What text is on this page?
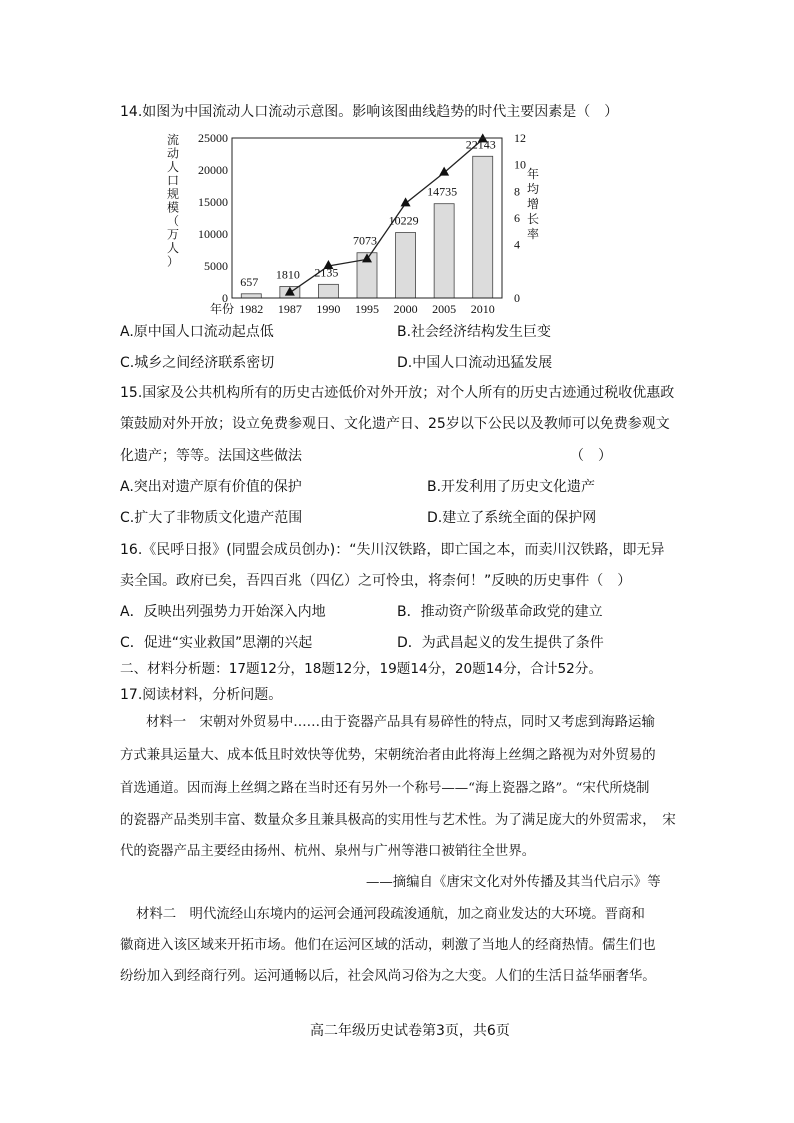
14.如图为中国流动人口流动示意图。影响该图曲线趋势的时代主要因素是（　）
流
动
人
口
规
模
（
万
人
）
0
5000
10000
15000
20000
25000
0
4
6
8
10
12
年
均
增
长
率
657
1810 2135
7073
10229
14735
22143
1982 1987 1990 1995 2000 2005 2010
年份
A.原中国人口流动起点低	B.社会经济结构发生巨变
C.城乡之间经济联系密切	D.中国人口流动迅猛发展
15.国家及公共机构所有的历史古迹低价对外开放；对个人所有的历史古迹通过税收优惠政
策鼓励对外开放；设立免费参观日、文化遗产日、25岁以下公民以及教师可以免费参观文
化遗产；等等。法国这些做法	（　）
A.突出对遗产原有价值的保护	B.开发利用了历史文化遗产
C.扩大了非物质文化遗产范围	D.建立了系统全面的保护网
16.《民呼日报》(同盟会成员创办)：“失川汉铁路，即亡国之本，而卖川汉铁路，即无异
卖全国。政府已矣，吾四百兆（四亿）之可怜虫，将柰何！”反映的历史事件（　）
A．反映出列强势力开始深入内地	B．推动资产阶级革命政党的建立
C．促进“实业救国”思潮的兴起	D．为武昌起义的发生提供了条件
二、材料分析题：17题12分，18题12分，19题14分，20题14分，合计52分。
17.阅读材料，分析问题。
材料一　宋朝对外贸易中……由于瓷器产品具有易碎性的特点，同时又考虑到海路运输
方式兼具运量大、成本低且时效快等优势，宋朝统治者由此将海上丝绸之路视为对外贸易的
首选通道。因而海上丝绸之路在当时还有另外一个称号——“海上瓷器之路”。“宋代所烧制
的瓷器产品类别丰富、数量众多且兼具极高的实用性与艺术性。为了满足庞大的外贸需求，　宋
代的瓷器产品主要经由扬州、杭州、泉州与广州等港口被销往全世界。
——摘编自《唐宋文化对外传播及其当代启示》等
材料二　明代流经山东境内的运河会通河段疏浚通航，加之商业发达的大环境。晋商和
徽商进入该区域来开拓市场。他们在运河区域的活动，刺激了当地人的经商热情。儒生们也
纷纷加入到经商行列。运河通畅以后，社会风尚习俗为之大变。人们的生活日益华丽奢华。
高二年级历史试卷第3页，共6页
